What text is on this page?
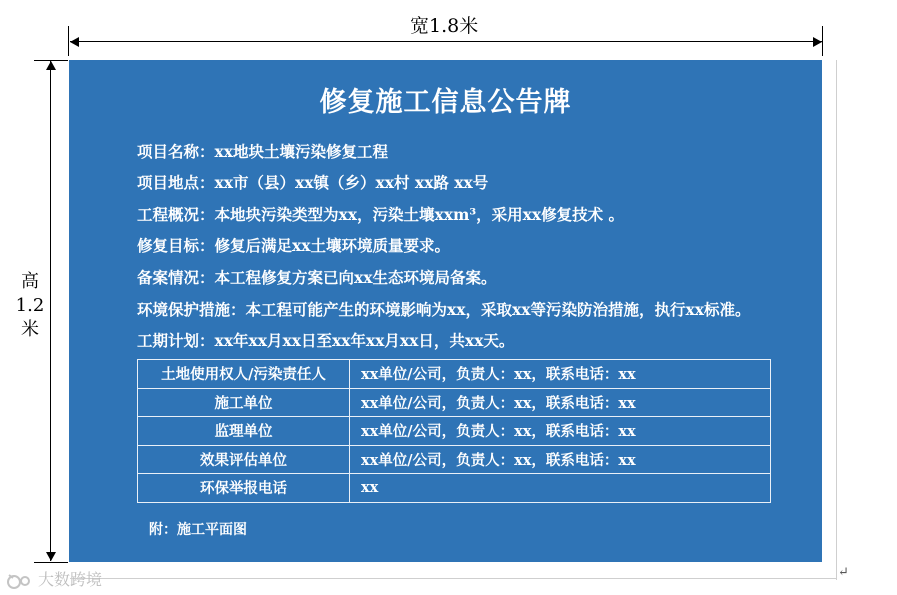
宽1.8米
高
1.2
米
↵
修复施工信息公告牌
项目名称：xx地块土壤污染修复工程
项目地点：xx市（县）xx镇（乡）xx村 xx路 xx号
工程概况：本地块污染类型为xx，污染土壤xxm³，采用xx修复技术 。
修复目标：修复后满足xx土壤环境质量要求。
备案情况：本工程修复方案已向xx生态环境局备案。
环境保护措施：本工程可能产生的环境影响为xx，采取xx等污染防治措施，执行xx标准。
工期计划：xx年xx月xx日至xx年xx月xx日，共xx天。
土地使用权人/污染责任人	xx单位/公司，负责人：xx，联系电话：xx
施工单位	xx单位/公司，负责人：xx，联系电话：xx
监理单位	xx单位/公司，负责人：xx，联系电话：xx
效果评估单位	xx单位/公司，负责人：xx，联系电话：xx
环保举报电话	xx
附：施工平面图
大数跨境
